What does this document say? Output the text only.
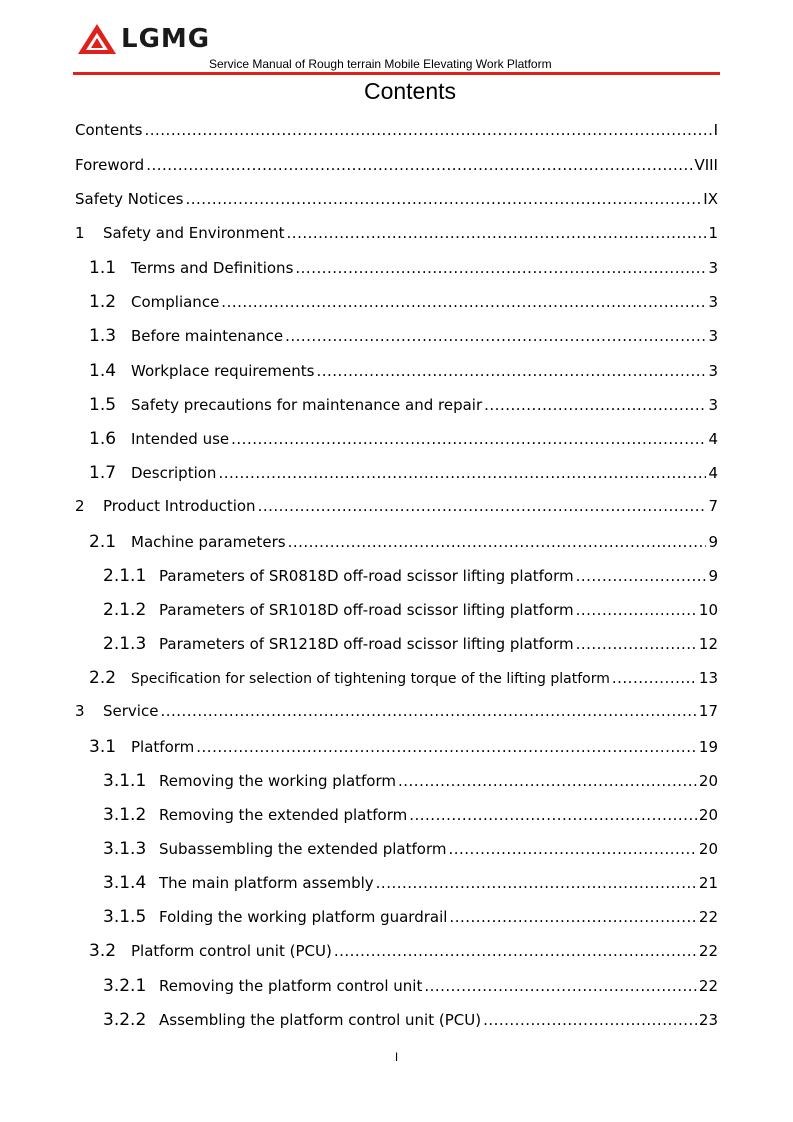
LGMG
Service Manual of Rough terrain Mobile Elevating Work Platform
Contents
Contents .....	I
Foreword .....	VIII
Safety Notices .....	IX
1	Safety and Environment .....	1
1.1 Terms and Definitions .....	3
1.2 Compliance .....	3
1.3 Before maintenance .....	3
1.4 Workplace requirements .....	3
1.5 Safety precautions for maintenance and repair .....	3
1.6 Intended use .....	4
1.7 Description .....	4
2	Product Introduction .....	7
2.1 Machine parameters .....	9
2.1.1 Parameters of SR0818D off-road scissor lifting platform .....	9
2.1.2 Parameters of SR1018D off-road scissor lifting platform .....	10
2.1.3 Parameters of SR1218D off-road scissor lifting platform .....	12
2.2	Specification for selection of tightening torque of the lifting platform .....	13
3	Service .....	17
3.1 Platform .....	19
3.1.1 Removing the working platform .....	20
3.1.2 Removing the extended platform .....	20
3.1.3 Subassembling the extended platform .....	20
3.1.4 The main platform assembly .....	21
3.1.5 Folding the working platform guardrail .....	22
3.2 Platform control unit (PCU) .....	22
3.2.1 Removing the platform control unit .....	22
3.2.2 Assembling the platform control unit (PCU) .....	23
I
